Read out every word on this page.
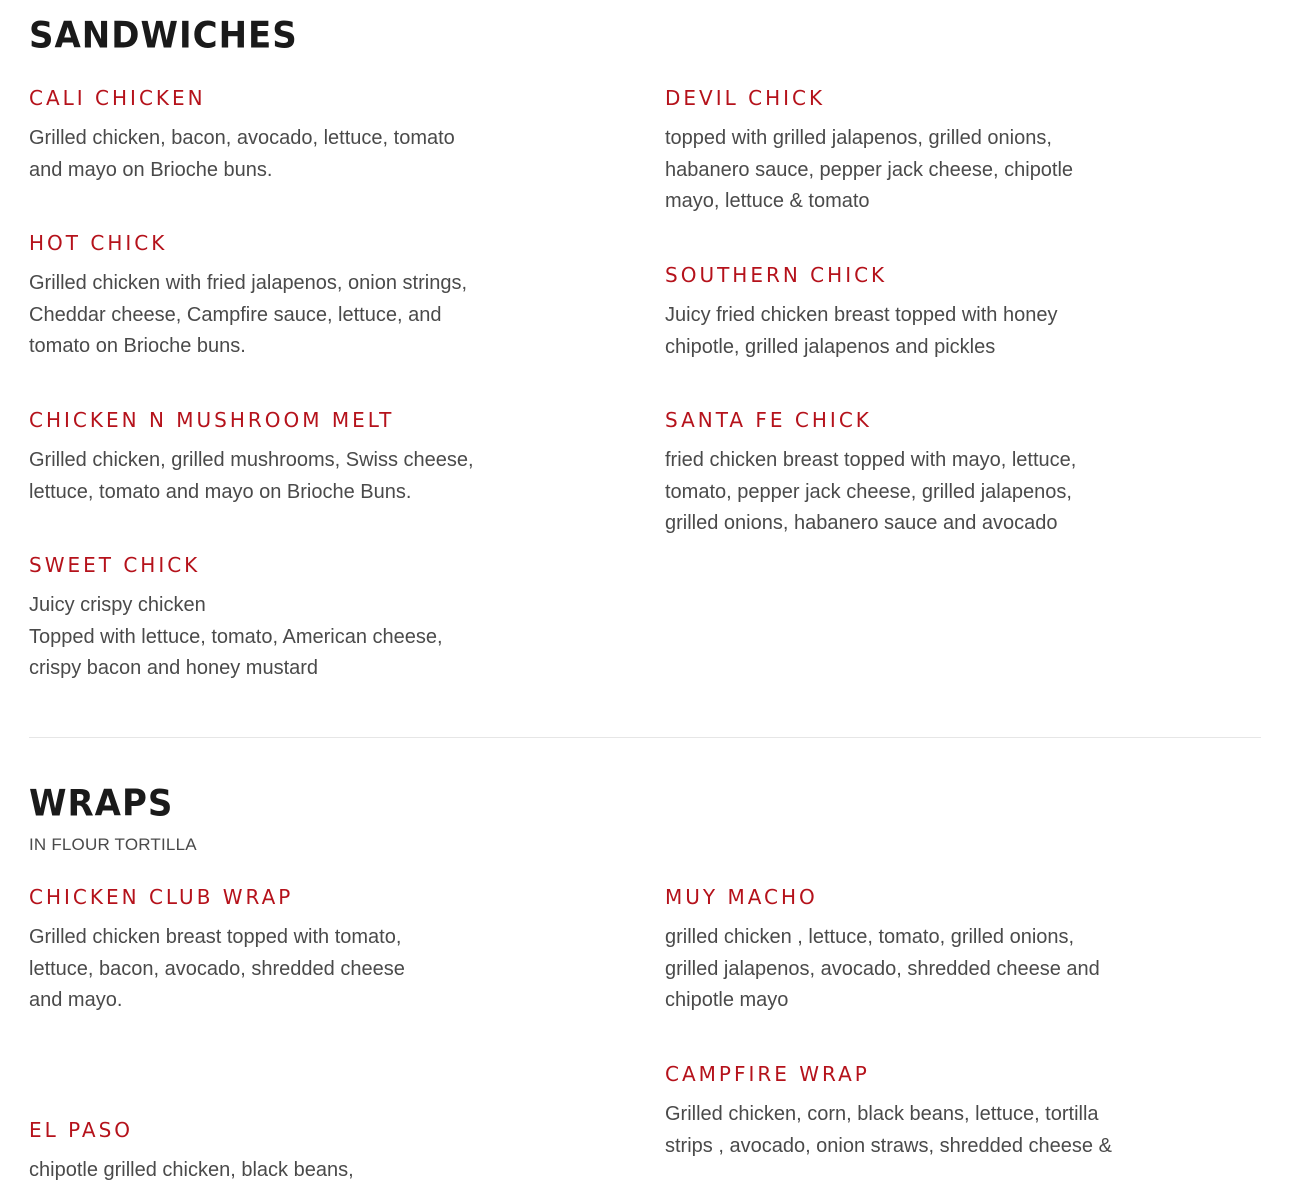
SANDWICHES
CALI CHICKEN

Grilled chicken, bacon, avocado, lettuce, tomato
and mayo on Brioche buns.

HOT CHICK

Grilled chicken with fried jalapenos, onion strings,
Cheddar cheese, Campfire sauce, lettuce, and
tomato on Brioche buns.

CHICKEN N MUSHROOM MELT

Grilled chicken, grilled mushrooms, Swiss cheese,
lettuce, tomato and mayo on Brioche Buns.

SWEET CHICK

Juicy crispy chicken
Topped with lettuce, tomato, American cheese,
crispy bacon and honey mustard

DEVIL CHICK

topped with grilled jalapenos, grilled onions,
habanero sauce, pepper jack cheese, chipotle
mayo, lettuce & tomato

SOUTHERN CHICK

Juicy fried chicken breast topped with honey
chipotle, grilled jalapenos and pickles

SANTA FE CHICK

fried chicken breast topped with mayo, lettuce,
tomato, pepper jack cheese, grilled jalapenos,
grilled onions, habanero sauce and avocado

WRAPS

IN FLOUR TORTILLA

CHICKEN CLUB WRAP

Grilled chicken breast topped with tomato,
lettuce, bacon, avocado, shredded cheese
and mayo.

EL PASO

chipotle grilled chicken, black beans,

MUY MACHO

grilled chicken , lettuce, tomato, grilled onions,
grilled jalapenos, avocado, shredded cheese and
chipotle mayo

CAMPFIRE WRAP

Grilled chicken, corn, black beans, lettuce, tortilla
strips , avocado, onion straws, shredded cheese &
